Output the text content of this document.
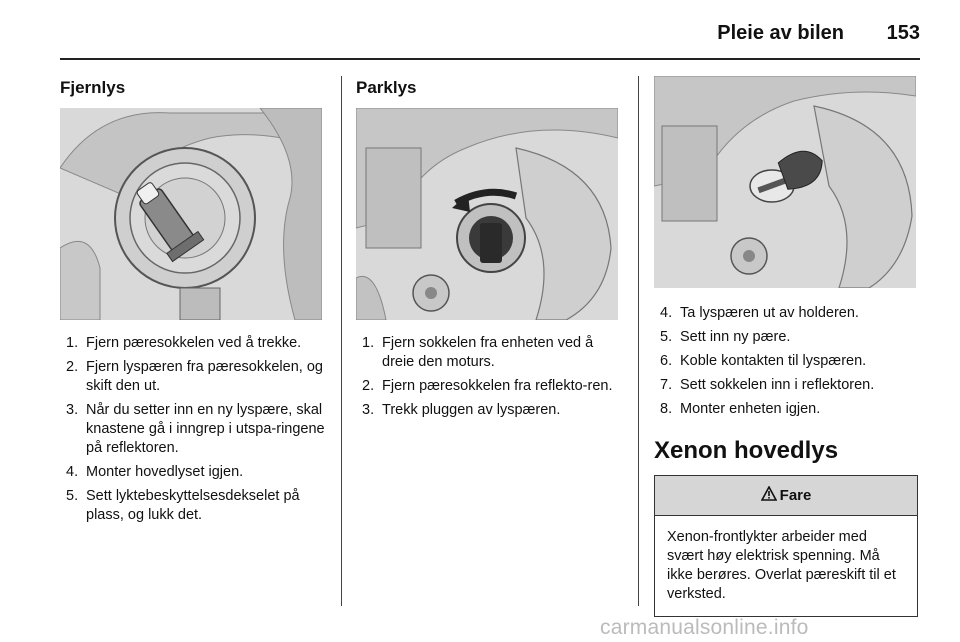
Pleie av bilen 153
Fjernlys
1. Fjern pæresokkelen ved å trekke.
2. Fjern lyspæren fra pæresokkelen, og skift den ut.
3. Når du setter inn en ny lyspære, skal knastene gå i inngrep i utspa-ringene på reflektoren.
4. Monter hovedlyset igjen.
5. Sett lyktebeskyttelsesdekselet på plass, og lukk det.
Parklys
1. Fjern sokkelen fra enheten ved å dreie den moturs.
2. Fjern pæresokkelen fra reflekto-ren.
3. Trekk pluggen av lyspæren.
4. Ta lyspæren ut av holderen.
5. Sett inn ny pære.
6. Koble kontakten til lyspæren.
7. Sett sokkelen inn i reflektoren.
8. Monter enheten igjen.
Xenon hovedlys
Fare
Xenon-frontlykter arbeider med svært høy elektrisk spenning. Må ikke berøres. Overlat pæreskift til et verksted.
carmanualsonline.info
